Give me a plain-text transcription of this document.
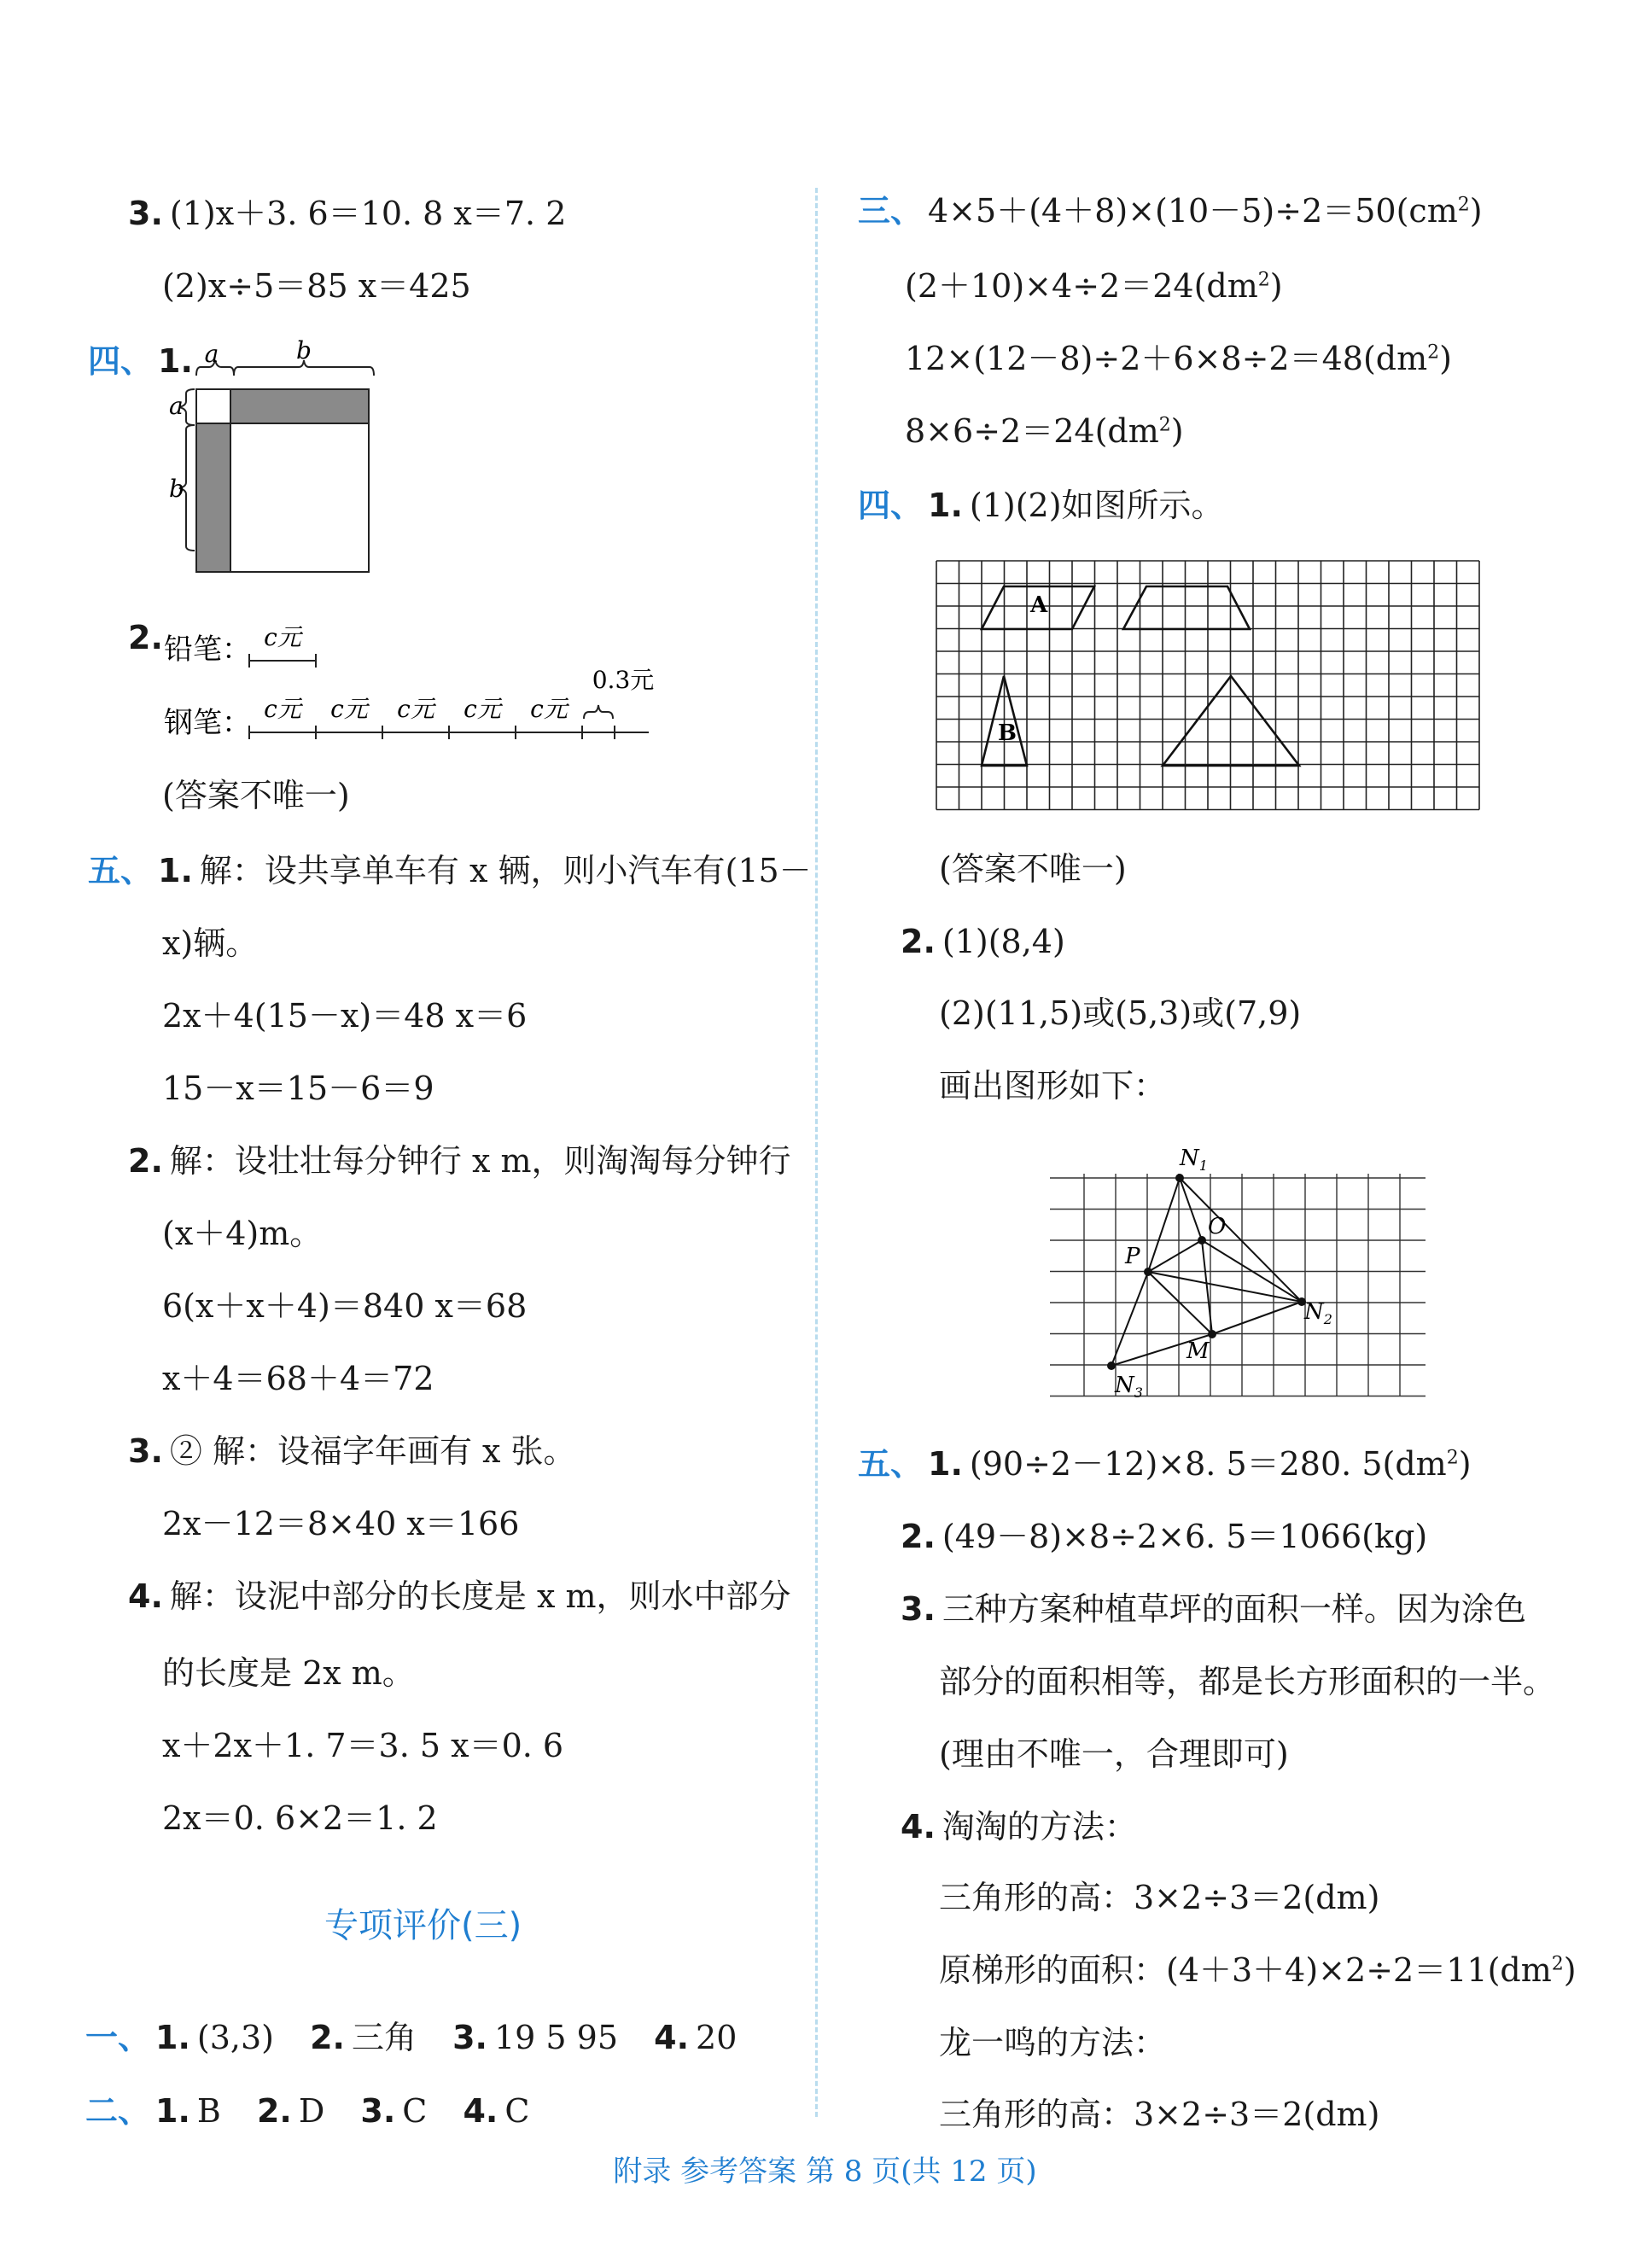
3. (1)x＋3. 6＝10. 8 x＝7. 2
(2)x÷5＝85 x＝425
四、 1. a	b
a
b
2. 铅笔： c元
钢笔： c元 c元 c元 c元 c元
0.3元
(答案不唯一)
五、 1. 解：设共享单车有 x 辆，则小汽车有(15－
x)辆。
2x＋4(15－x)＝48 x＝6
15－x＝15－6＝9
2. 解：设壮壮每分钟行 x m，则淘淘每分钟行
(x＋4)m。
6(x＋x＋4)＝840 x＝68
x＋4＝68＋4＝72
3. ② 解：设福字年画有 x 张。
2x－12＝8×40 x＝166
4. 解：设泥中部分的长度是 x m，则水中部分
的长度是 2x m。
x＋2x＋1. 7＝3. 5 x＝0. 6
2x＝0. 6×2＝1. 2
专项评价(三)
一、 1. (3,3) 2. 三角 3. 19 5 95 4. 20
二、 1. B 2. D 3. C 4. C
三、 $4\times 5+(4+8)\times(10-5)\div 2=50(cm^2)$
$(2+10)\times 4\div 2=24(dm^2)$
$12\times(12-8)\div 2+6\times 8\div 2=48(dm^2)$
$8\times 6\div 2=24(dm^2)$
四、 1. (1)(2)如图所示。
A
B
(答案不唯一)
2. (1)(8,4)
(2)(11,5)或(5,3)或(7,9)
画出图形如下：
$N_1$
O
P
$N_2$
M
$N_3$
五、 1. (90÷2－12)×8. 5＝280. $5(dm^2)$
2. (49－8)×8÷2×6. 5＝1066(kg)
3. 三种方案种植草坪的面积一样。因为涂色
部分的面积相等，都是长方形面积的一半。
(理由不唯一，合理即可)
4. 淘淘的方法：
三角形的高：3×2÷3＝2(dm)
原梯形的面积：$(4+3+4)\times 2\div 2=11(dm^2)$
龙一鸣的方法：
三角形的高：3×2÷3＝2(dm)
附录 参考答案 第 8 页(共 12 页)
